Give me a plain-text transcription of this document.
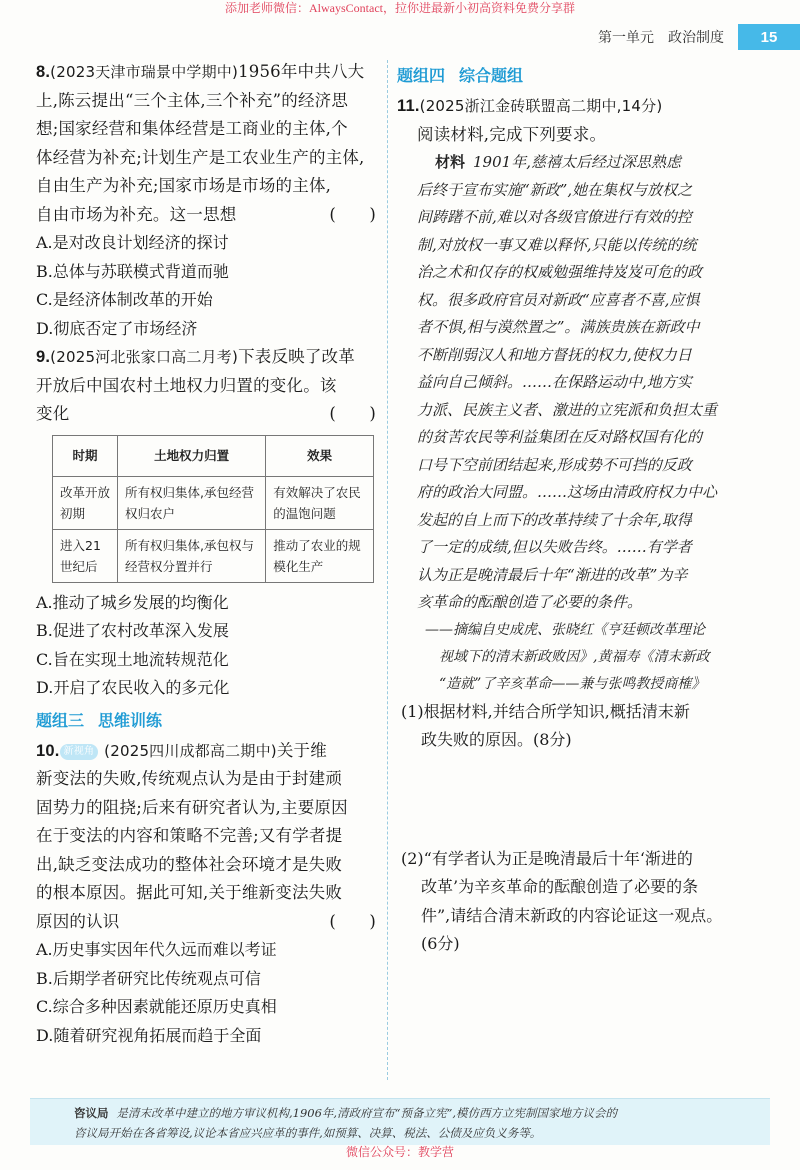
添加老师微信：AlwaysContact，拉你进最新小初高资料免费分享群
第一单元　政治制度	15

8.(2023天津市瑞景中学期中)1956年中共八大
上,陈云提出“三个主体,三个补充”的经济思
想;国家经营和集体经营是工商业的主体,个
体经营为补充;计划生产是工农业生产的主体,
自由生产为补充;国家市场是市场的主体,
自由市场为补充。这一思想	(　　)

A.是对改良计划经济的探讨

B.总体与苏联模式背道而驰

C.是经济体制改革的开始

D.彻底否定了市场经济

9.(2025河北张家口高二月考)下表反映了改革
开放后中国农村土地权力归置的变化。该
变化	(　　)

时期	土地权力归置	效果
改革开放初期	所有权归集体,承包经营权归农户	有效解决了农民的温饱问题
进入21世纪后	所有权归集体,承包权与经营权分置并行	推动了农业的规模化生产

A.推动了城乡发展的均衡化

B.促进了农村改革深入发展

C.旨在实现土地流转规范化

D.开启了农民收入的多元化

题组三 思维训练

10. 新视角 (2025四川成都高二期中)关于维
新变法的失败,传统观点认为是由于封建顽
固势力的阻挠;后来有研究者认为,主要原因
在于变法的内容和策略不完善;又有学者提
出,缺乏变法成功的整体社会环境才是失败
的根本原因。据此可知,关于维新变法失败
原因的认识	(　　)

A.历史事实因年代久远而难以考证

B.后期学者研究比传统观点可信

C.综合多种因素就能还原历史真相

D.随着研究视角拓展而趋于全面

题组四 综合题组

11.(2025浙江金砖联盟高二期中,14分)
阅读材料,完成下列要求。

材料 1901年,慈禧太后经过深思熟虑
后终于宣布实施“新政”,她在集权与放权之
间踌躇不前,难以对各级官僚进行有效的控
制,对放权一事又难以释怀,只能以传统的统
治之术和仅存的权威勉强维持岌岌可危的政
权。很多政府官员对新政“应喜者不喜,应惧
者不惧,相与漠然置之”。满族贵族在新政中
不断削弱汉人和地方督抚的权力,使权力日
益向自己倾斜。……在保路运动中,地方实
力派、民族主义者、激进的立宪派和负担太重
的贫苦农民等利益集团在反对路权国有化的
口号下空前团结起来,形成势不可挡的反政
府的政治大同盟。……这场由清政府权力中心
发起的自上而下的改革持续了十余年,取得
了一定的成绩,但以失败告终。……有学者
认为正是晚清最后十年“渐进的改革”为辛
亥革命的酝酿创造了必要的条件。

——摘编自史成虎、张晓红《亨廷顿改革理论
视域下的清末新政败因》,黄福寿《清末新政
“造就”了辛亥革命——兼与张鸣教授商榷》

(1)根据材料,并结合所学知识,概括清末新
政失败的原因。(8分)

(2)“有学者认为正是晚清最后十年‘渐进的
改革’为辛亥革命的酝酿创造了必要的条
件”,请结合清末新政的内容论证这一观点。
(6分)

咨议局 是清末改革中建立的地方审议机构,1906年,清政府宣布“预备立宪”,模仿西方立宪制国家地方议会的
咨议局开始在各省筹设,议论本省应兴应革的事件,如预算、决算、税法、公债及应负义务等。

微信公众号：教学营
